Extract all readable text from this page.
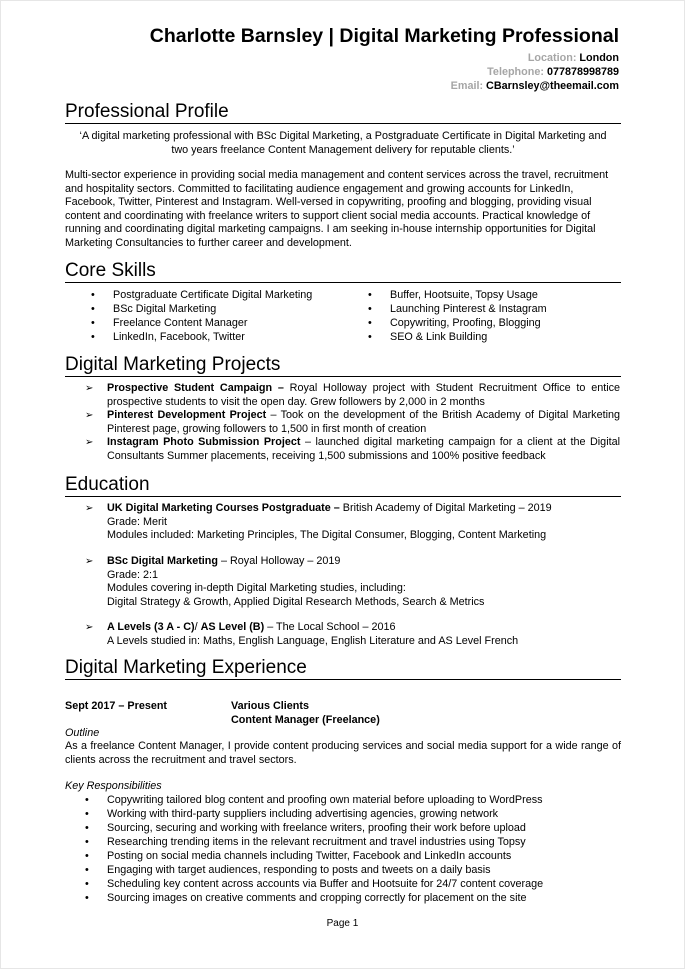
Charlotte Barnsley | Digital Marketing Professional
Location: London
Telephone: 077878998789
Email: CBarnsley@theemail.com
Professional Profile
‘A digital marketing professional with BSc Digital Marketing, a Postgraduate Certificate in Digital Marketing and two years freelance Content Management delivery for reputable clients.’
Multi-sector experience in providing social media management and content services across the travel, recruitment and hospitality sectors. Committed to facilitating audience engagement and growing accounts for LinkedIn, Facebook, Twitter, Pinterest and Instagram. Well-versed in copywriting, proofing and blogging, providing visual content and coordinating with freelance writers to support client social media accounts. Practical knowledge of running and coordinating digital marketing campaigns. I am seeking in-house internship opportunities for Digital Marketing Consultancies to further career and development.
Core Skills
• Postgraduate Certificate Digital Marketing
• BSc Digital Marketing
• Freelance Content Manager
• LinkedIn, Facebook, Twitter
• Buffer, Hootsuite, Topsy Usage
• Launching Pinterest & Instagram
• Copywriting, Proofing, Blogging
• SEO & Link Building
Digital Marketing Projects
➢ Prospective Student Campaign – Royal Holloway project with Student Recruitment Office to entice prospective students to visit the open day. Grew followers by 2,000 in 2 months
➢ Pinterest Development Project – Took on the development of the British Academy of Digital Marketing Pinterest page, growing followers to 1,500 in first month of creation
➢ Instagram Photo Submission Project – launched digital marketing campaign for a client at the Digital Consultants Summer placements, receiving 1,500 submissions and 100% positive feedback
Education
➢ UK Digital Marketing Courses Postgraduate – British Academy of Digital Marketing – 2019
Grade: Merit
Modules included: Marketing Principles, The Digital Consumer, Blogging, Content Marketing
➢ BSc Digital Marketing – Royal Holloway – 2019
Grade: 2:1
Modules covering in-depth Digital Marketing studies, including:
Digital Strategy & Growth, Applied Digital Research Methods, Search & Metrics
➢ A Levels (3 A - C)/ AS Level (B) – The Local School – 2016
A Levels studied in: Maths, English Language, English Literature and AS Level French
Digital Marketing Experience
Sept 2017 – Present	Various Clients
Content Manager (Freelance)
Outline
As a freelance Content Manager, I provide content producing services and social media support for a wide range of clients across the recruitment and travel sectors.
Key Responsibilities
• Copywriting tailored blog content and proofing own material before uploading to WordPress
• Working with third-party suppliers including advertising agencies, growing network
• Sourcing, securing and working with freelance writers, proofing their work before upload
• Researching trending items in the relevant recruitment and travel industries using Topsy
• Posting on social media channels including Twitter, Facebook and LinkedIn accounts
• Engaging with target audiences, responding to posts and tweets on a daily basis
• Scheduling key content across accounts via Buffer and Hootsuite for 24/7 content coverage
• Sourcing images on creative comments and cropping correctly for placement on the site
Page 1
